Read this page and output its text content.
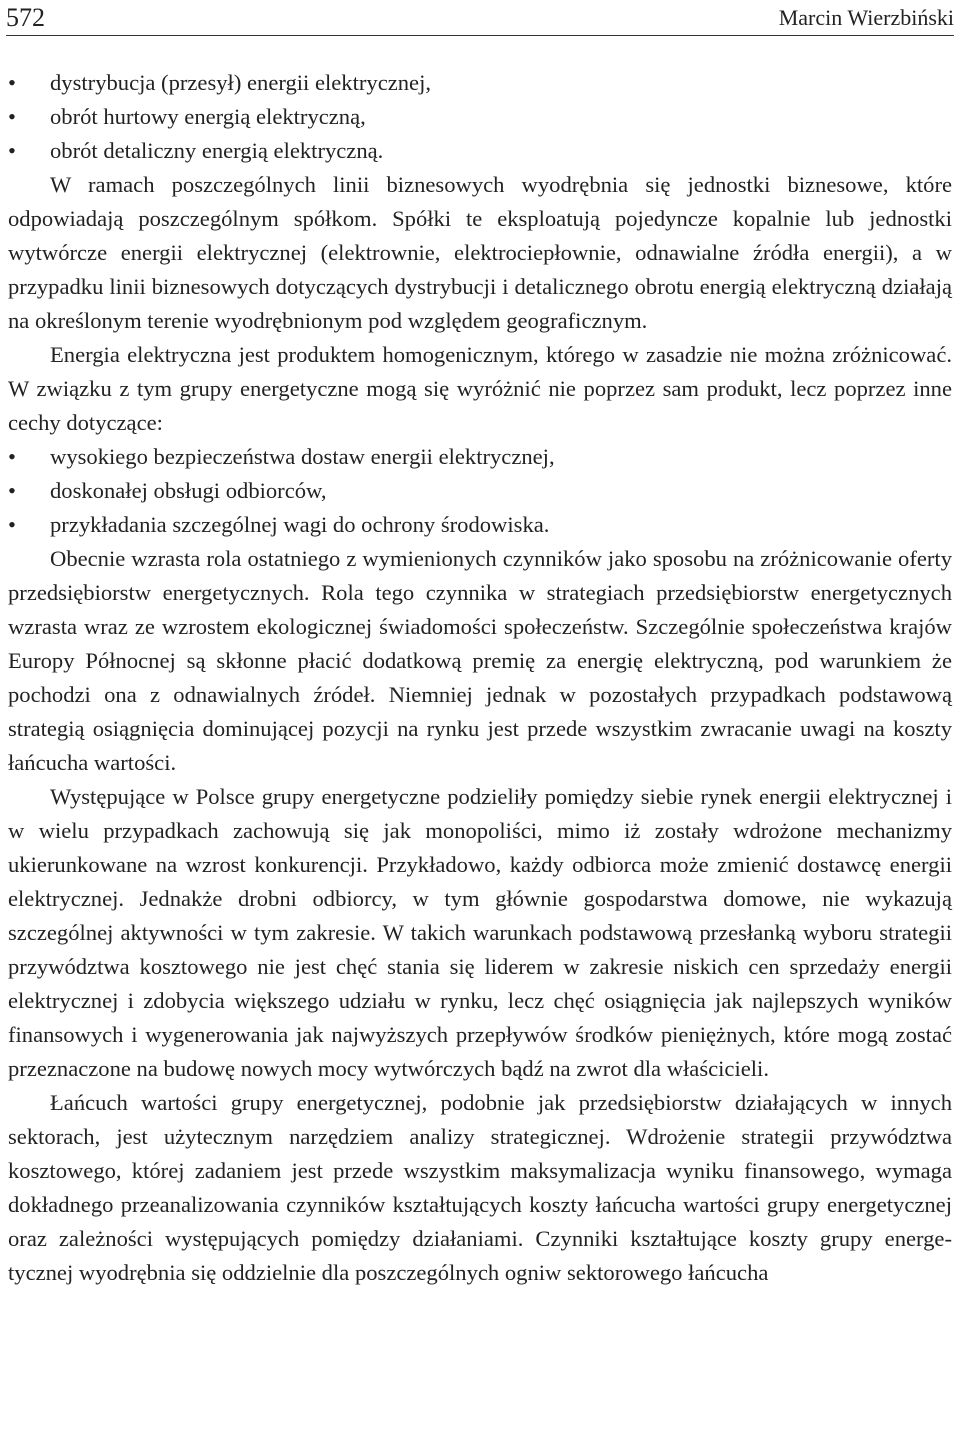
572	Marcin Wierzbiński
• dystrybucja (przesył) energii elektrycznej,
• obrót hurtowy energią elektryczną,
• obrót detaliczny energią elektryczną.

W ramach poszczególnych linii biznesowych wyodrębnia się jednostki biznesowe, które odpowiadają poszczególnym spółkom. Spółki te eksploatują pojedyncze kopalnie lub jednostki wytwórcze energii elektrycznej (elektrownie, elektrociepłownie, odnawialne źródła energii), a w przypadku linii biznesowych dotyczących dystrybucji i detalicznego obrotu energią elektryczną działają na określonym terenie wyodrębnionym pod względem geograficznym.

Energia elektryczna jest produktem homogenicznym, którego w zasadzie nie można zróżnicować. W związku z tym grupy energetyczne mogą się wyróżnić nie poprzez sam produkt, lecz poprzez inne cechy dotyczące:

• wysokiego bezpieczeństwa dostaw energii elektrycznej,
• doskonałej obsługi odbiorców,
• przykładania szczególnej wagi do ochrony środowiska.

Obecnie wzrasta rola ostatniego z wymienionych czynników jako sposobu na zróżnicowanie oferty przedsiębiorstw energetycznych. Rola tego czynnika w strategiach przedsiębiorstw energetycznych wzrasta wraz ze wzrostem ekologicznej świadomości społeczeństw. Szczególnie społeczeństwa krajów Europy Północnej są skłonne płacić dodatkową premię za energię elektryczną, pod warunkiem że pochodzi ona z odnawialnych źródeł. Niemniej jednak w pozostałych przypadkach podstawową strategią osiągnięcia dominującej pozycji na rynku jest przede wszystkim zwracanie uwagi na koszty łańcucha wartości.

Występujące w Polsce grupy energetyczne podzieliły pomiędzy siebie rynek energii elektrycznej i w wielu przypadkach zachowują się jak monopoliści, mimo iż zostały wdrożone mechanizmy ukierunkowane na wzrost konkurencji. Przykładowo, każdy odbiorca może zmienić dostawcę energii elektrycznej. Jednakże drobni odbiorcy, w tym głównie gospodarstwa domowe, nie wykazują szczególnej aktywności w tym zakresie. W takich warunkach podstawową przesłanką wyboru strategii przywództwa kosztowego nie jest chęć stania się liderem w zakresie niskich cen sprzedaży energii elektrycznej i zdobycia większego udziału w rynku, lecz chęć osiągnięcia jak najlepszych wyników finansowych i wygenerowania jak najwyższych przepływów środków pieniężnych, które mogą zostać przeznaczone na budowę nowych mocy wytwórczych bądź na zwrot dla właścicieli.

Łańcuch wartości grupy energetycznej, podobnie jak przedsiębiorstw działających w innych sektorach, jest użytecznym narzędziem analizy strategicznej. Wdrożenie strategii przywództwa kosztowego, której zadaniem jest przede wszystkim maksymalizacja wyniku finansowego, wymaga dokładnego przeanalizowania czynników kształtujących koszty łańcucha wartości grupy energetycznej oraz zależności występujących pomiędzy działaniami. Czynniki kształtujące koszty grupy energetycznej wyodrębnia się oddzielnie dla poszczególnych ogniw sektorowego łańcucha
